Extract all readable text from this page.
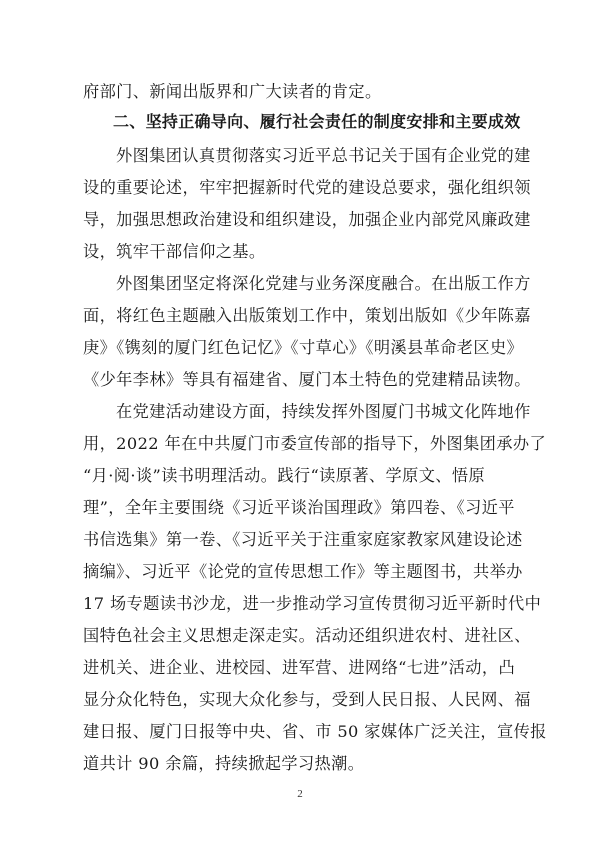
府部门、新闻出版界和广大读者的肯定。
二、坚持正确导向、履行社会责任的制度安排和主要成效
外图集团认真贯彻落实习近平总书记关于国有企业党的建
设的重要论述，牢牢把握新时代党的建设总要求，强化组织领
导，加强思想政治建设和组织建设，加强企业内部党风廉政建
设，筑牢干部信仰之基。
外图集团坚定将深化党建与业务深度融合。在出版工作方
面，将红色主题融入出版策划工作中，策划出版如《少年陈嘉
庚》《镌刻的厦门红色记忆》《寸草心》《明溪县革命老区史》
《少年李林》等具有福建省、厦门本土特色的党建精品读物。
在党建活动建设方面，持续发挥外图厦门书城文化阵地作
用，2022 年在中共厦门市委宣传部的指导下，外图集团承办了
“月·阅·谈”读书明理活动。践行“读原著、学原文、悟原
理”，全年主要围绕《习近平谈治国理政》第四卷、《习近平
书信选集》第一卷、《习近平关于注重家庭家教家风建设论述
摘编》、习近平《论党的宣传思想工作》等主题图书，共举办
17 场专题读书沙龙，进一步推动学习宣传贯彻习近平新时代中
国特色社会主义思想走深走实。活动还组织进农村、进社区、
进机关、进企业、进校园、进军营、进网络“七进”活动，凸
显分众化特色，实现大众化参与，受到人民日报、人民网、福
建日报、厦门日报等中央、省、市 50 家媒体广泛关注，宣传报
道共计 90 余篇，持续掀起学习热潮。
2
